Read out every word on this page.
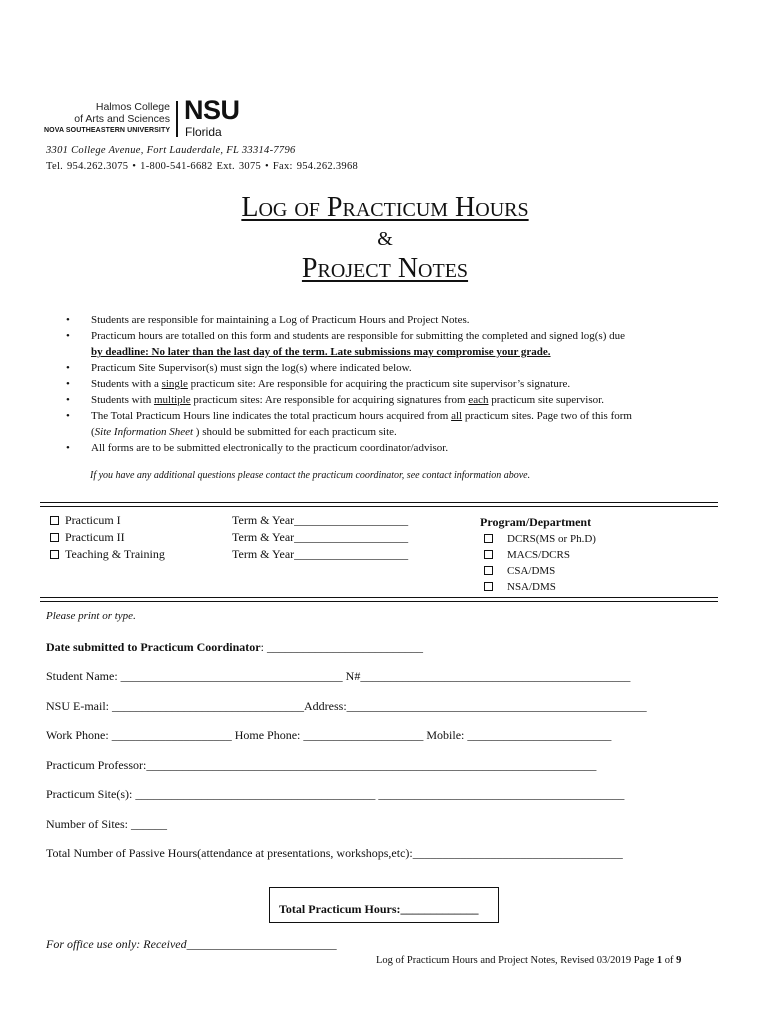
Halmos College
of Arts and Sciences
NOVA SOUTHEASTERN UNIVERSITY
NSU
Florida
3301 College Avenue, Fort Lauderdale, FL 33314-7796
Tel. 954.262.3075 • 1-800-541-6682 Ext. 3075 • Fax: 954.262.3968
Log of Practicum Hours
&
Project Notes
• Students are responsible for maintaining a Log of Practicum Hours and Project Notes.
• Practicum hours are totalled on this form and students are responsible for submitting the completed and signed log(s) due
by deadline: No later than the last day of the term. Late submissions may compromise your grade.
• Practicum Site Supervisor(s) must sign the log(s) where indicated below.
• Students with a single practicum site: Are responsible for acquiring the practicum site supervisor’s signature.
• Students with multiple practicum sites: Are responsible for acquiring signatures from each practicum site supervisor.
• The Total Practicum Hours line indicates the total practicum hours acquired from all practicum sites. Page two of this form
(Site Information Sheet ) should be submitted for each practicum site.
• All forms are to be submitted electronically to the practicum coordinator/advisor.
If you have any additional questions please contact the practicum coordinator, see contact information above.
Practicum I
Practicum II
Teaching & Training
Term & Year___________________
Term & Year___________________
Term & Year___________________
Program/Department
DCRS(MS or Ph.D)
MACS/DCRS
CSA/DMS
NSA/DMS
Please print or type.
Date submitted to Practicum Coordinator: __________________________
Student Name: _____________________________________ N#_____________________________________________
NSU E-mail: ________________________________Address:__________________________________________________
Work Phone: ____________________ Home Phone: ____________________ Mobile: ________________________
Practicum Professor:___________________________________________________________________________
Practicum Site(s): ________________________________________ _________________________________________
Number of Sites: ______
Total Number of Passive Hours(attendance at presentations, workshops,etc):___________________________________
Total Practicum Hours:_____________
For office use only: Received_________________________
Log of Practicum Hours and Project Notes, Revised 03/2019 Page 1 of 9
